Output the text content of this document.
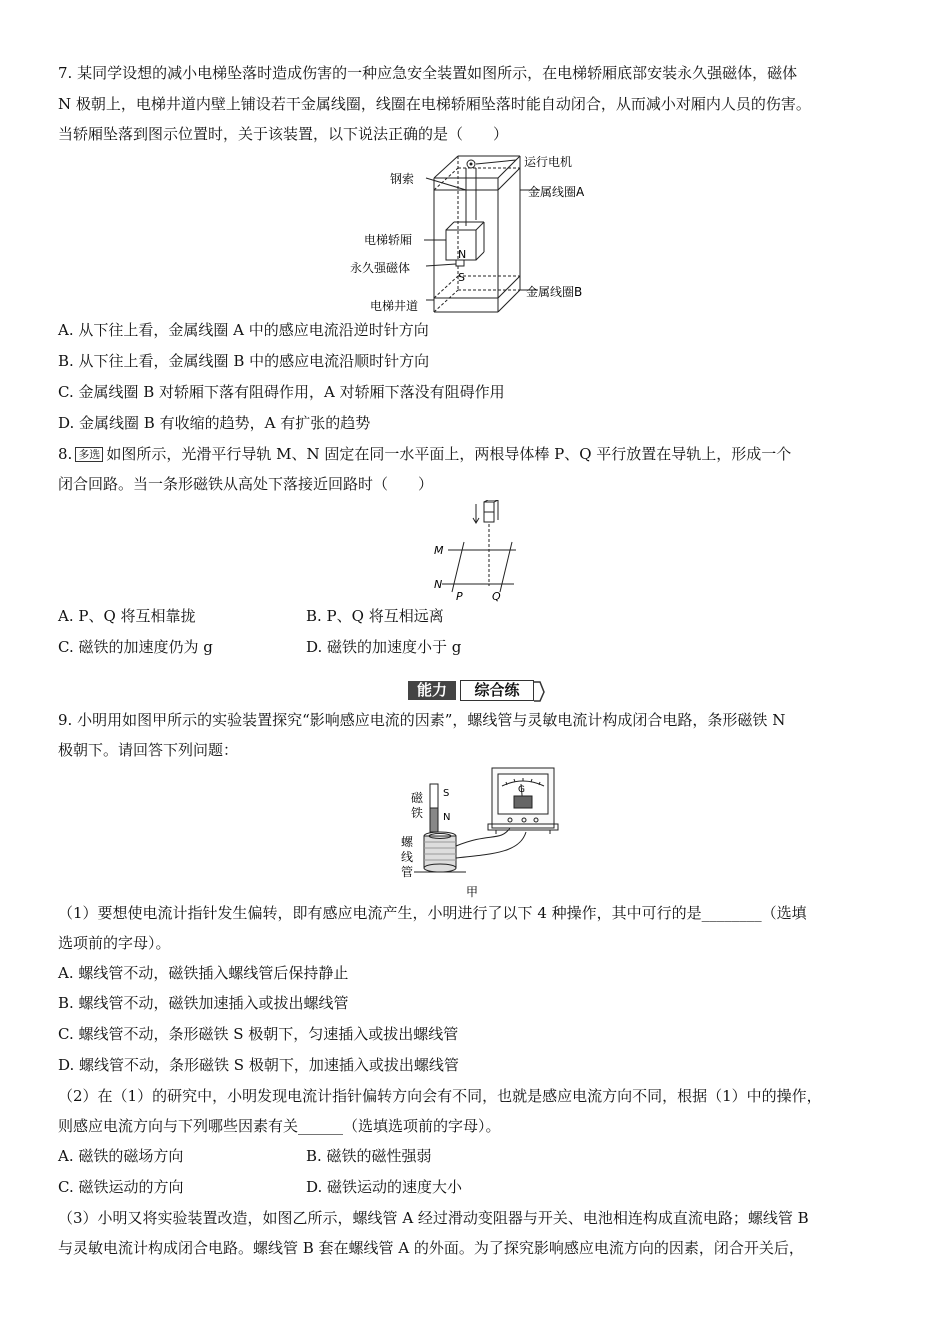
7. 某同学设想的减小电梯坠落时造成伤害的一种应急安全装置如图所示，在电梯轿厢底部安装永久强磁体，磁体
N 极朝上，电梯井道内壁上铺设若干金属线圈，线圈在电梯轿厢坠落时能自动闭合，从而减小对厢内人员的伤害。
当轿厢坠落到图示位置时，关于该装置，以下说法正确的是（　　）
运行电机
钢索
金属线圈A
电梯轿厢
永久强磁体
电梯井道
金属线圈B
N
S
A. 从下往上看，金属线圈 A 中的感应电流沿逆时针方向
B. 从下往上看，金属线圈 B 中的感应电流沿顺时针方向
C. 金属线圈 B 对轿厢下落有阻碍作用，A 对轿厢下落没有阻碍作用
D. 金属线圈 B 有收缩的趋势，A 有扩张的趋势
8. 多选 如图所示，光滑平行导轨 M、N 固定在同一水平面上，两根导体棒 P、Q 平行放置在导轨上，形成一个
闭合回路。当一条形磁铁从高处下落接近回路时（　　）
M
N
P	Q
A. P、Q 将互相靠拢	B. P、Q 将互相远离
C. 磁铁的加速度仍为 g	D. 磁铁的加速度小于 g
能力	综合练
9. 小明用如图甲所示的实验装置探究“影响感应电流的因素”，螺线管与灵敏电流计构成闭合电路，条形磁铁 N
极朝下。请回答下列问题：
磁
铁
S
N
螺
线
管
G
甲
（1）要想使电流计指针发生偏转，即有感应电流产生，小明进行了以下 4 种操作，其中可行的是________（选填
选项前的字母）。
A. 螺线管不动，磁铁插入螺线管后保持静止
B. 螺线管不动，磁铁加速插入或拔出螺线管
C. 螺线管不动，条形磁铁 S 极朝下，匀速插入或拔出螺线管
D. 螺线管不动，条形磁铁 S 极朝下，加速插入或拔出螺线管
（2）在（1）的研究中，小明发现电流计指针偏转方向会有不同，也就是感应电流方向不同，根据（1）中的操作，
则感应电流方向与下列哪些因素有关______（选填选项前的字母）。
A. 磁铁的磁场方向	B. 磁铁的磁性强弱
C. 磁铁运动的方向	D. 磁铁运动的速度大小
（3）小明又将实验装置改造，如图乙所示，螺线管 A 经过滑动变阻器与开关、电池相连构成直流电路；螺线管 B
与灵敏电流计构成闭合电路。螺线管 B 套在螺线管 A 的外面。为了探究影响感应电流方向的因素，闭合开关后，
